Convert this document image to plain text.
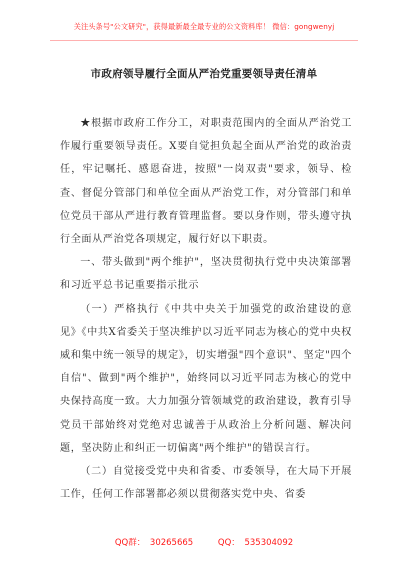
关注头条号"公文研究"，获得最新最全最专业的公文资料库！ 微信：gongwenyj
市政府领导履行全面从严治党重要领导责任清单

★根据市政府工作分工，对职责范围内的全面从严治党工作履行重要领导责任。X要自觉担负起全面从严治党的政治责任，牢记嘱托、感恩奋进，按照"一岗双责"要求，领导、检查、督促分管部门和单位全面从严治党工作，对分管部门和单位党员干部从严进行教育管理监督。要以身作则，带头遵守执行全面从严治党各项规定，履行好以下职责。

一、带头做到"两个维护"，坚决贯彻执行党中央决策部署和习近平总书记重要指示批示

（一）严格执行《中共中央关于加强党的政治建设的意见》《中共X省委关于坚决维护以习近平同志为核心的党中央权威和集中统一领导的规定》，切实增强"四个意识"、坚定"四个自信"、做到"两个维护"，始终同以习近平同志为核心的党中央保持高度一致。大力加强分管领域党的政治建设，教育引导党员干部始终对党绝对忠诚善于从政治上分析问题、解决问题，坚决防止和纠正一切偏离"两个维护"的错误言行。

（二）自觉接受党中央和省委、市委领导，在大局下开展工作，任何工作部署都必须以贯彻落实党中央、省委

QQ群： 30265665	QQ： 535304092
